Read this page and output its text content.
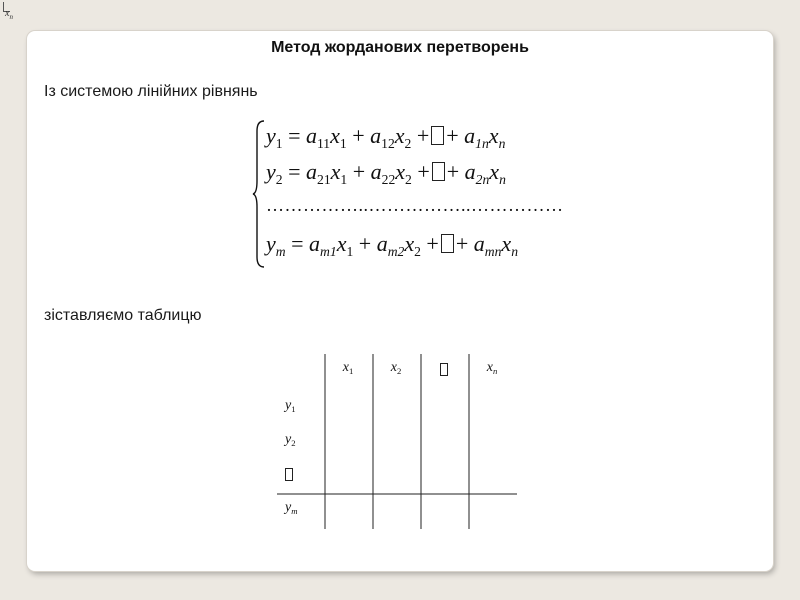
$x_n$
Метод жорданових перетворень
Із системою лінійних рівнянь
$y_1 = a_{11}x_1 + a_{12}x_2$ + + $a_{1n}x_n$
$y_2 = a_{21}x_1 + a_{22}x_2$ + + $a_{2n}x_n$
……………..……………..……………
$y_m = a_{m1}x_1 + a_{m2}x_2$ + + $a_{mn}x_n$
зіставляємо таблицю
$x_1$	$x_2$	$x_n$
$y_1$
$y_2$
$y_m$
